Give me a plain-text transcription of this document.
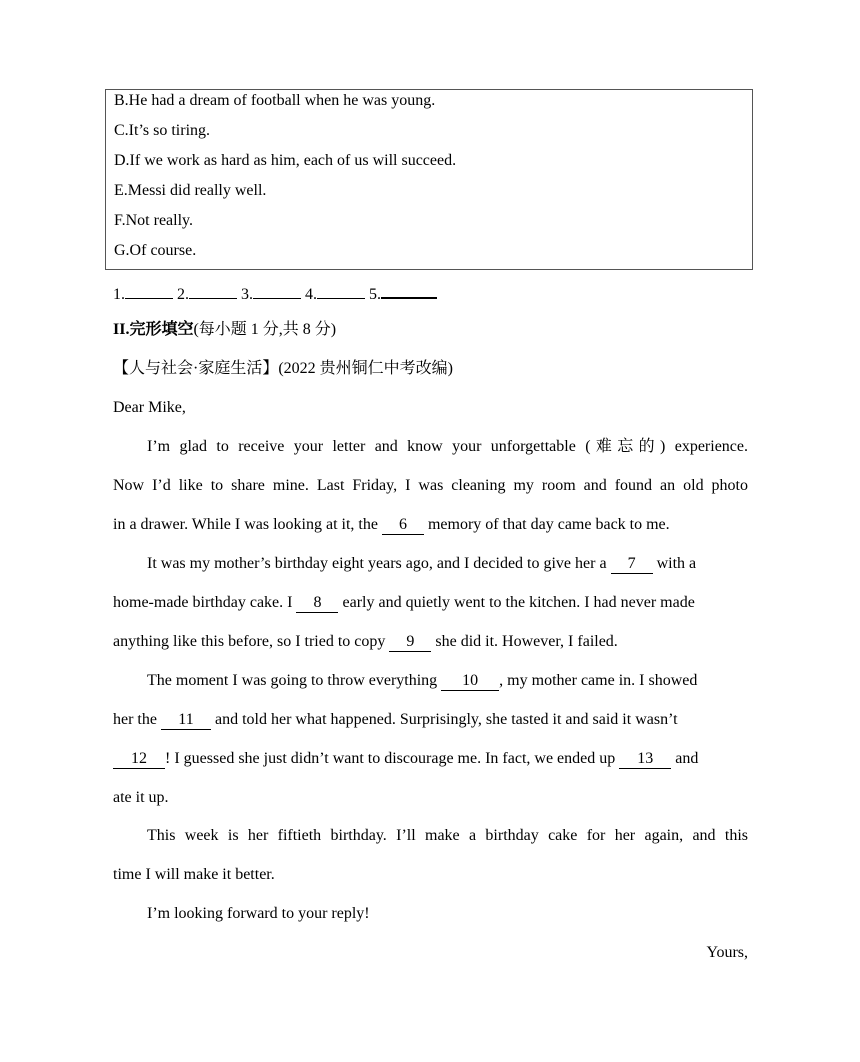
B.He had a dream of football when he was young.
C.It’s so tiring.
D.If we work as hard as him, each of us will succeed.
E.Messi did really well.
F.Not really.
G.Of course.
1.	2.	3.	4.	5.
II.完形填空(每小题 1 分,共 8 分)
【人与社会·家庭生活】(2022 贵州铜仁中考改编)
Dear Mike,
I’m glad to receive your letter and know your unforgettable (难忘的) experience.
Now I’d like to share mine. Last Friday, I was cleaning my room and found an old photo
in a drawer. While I was looking at it, the 6 memory of that day came back to me.
It was my mother’s birthday eight years ago, and I decided to give her a 7 with a
home-made birthday cake. I 8 early and quietly went to the kitchen. I had never made
anything like this before, so I tried to copy 9 she did it. However, I failed.
The moment I was going to throw everything 10 , my mother came in. I showed
her the 11 and told her what happened. Surprisingly, she tasted it and said it wasn’t
12 ! I guessed she just didn’t want to discourage me. In fact, we ended up 13 and
ate it up.
This week is her fiftieth birthday. I’ll make a birthday cake for her again, and this
time I will make it better.
I’m looking forward to your reply!
Yours,
